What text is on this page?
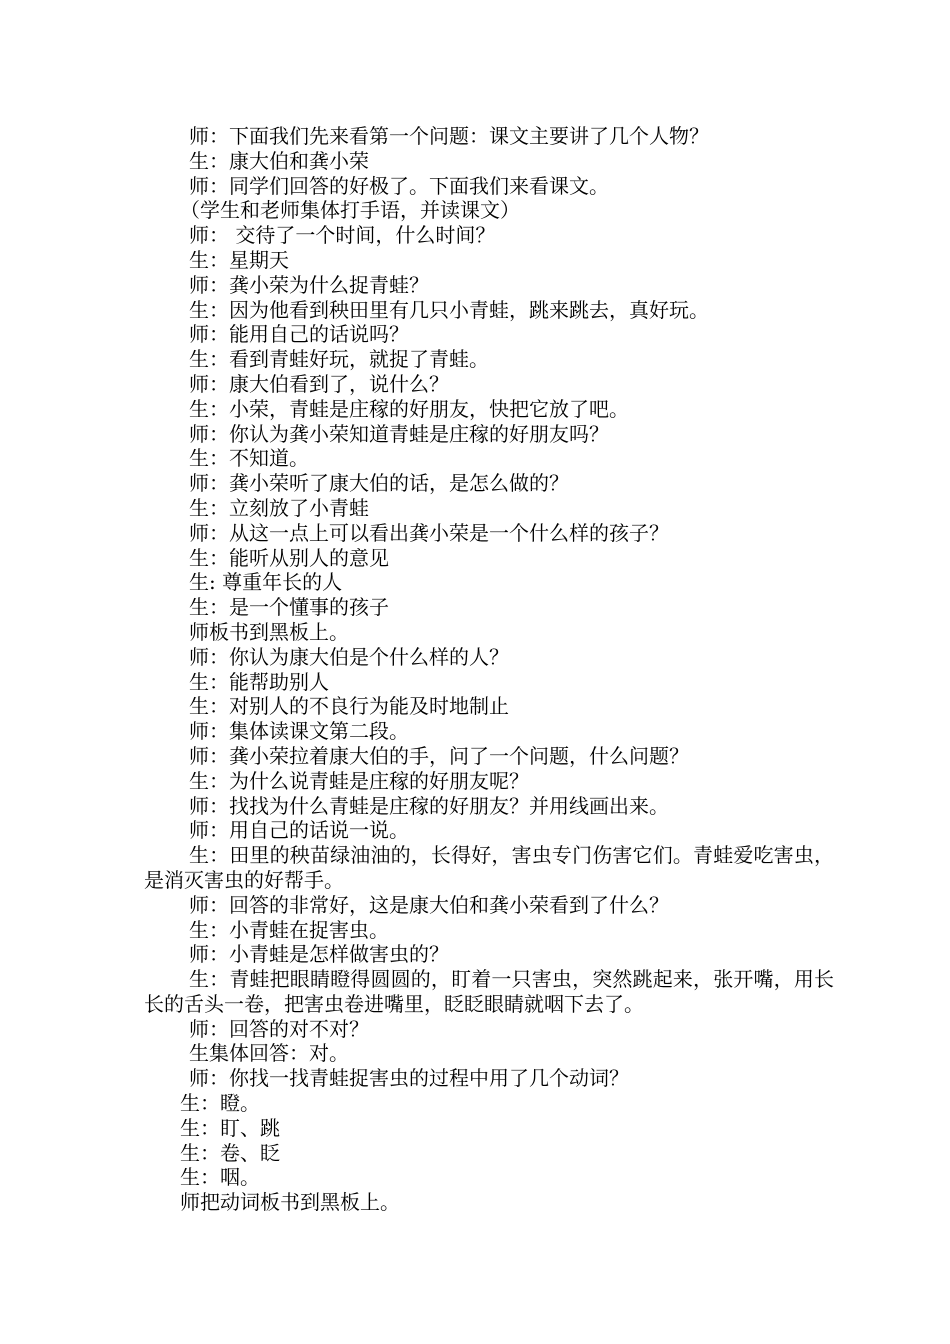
师：下面我们先来看第一个问题：课文主要讲了几个人物？
生：康大伯和龚小荣
师：同学们回答的好极了。下面我们来看课文。
（学生和老师集体打手语，并读课文）
师： 交待了一个时间，什么时间？
生：星期天
师：龚小荣为什么捉青蛙？
生：因为他看到秧田里有几只小青蛙，跳来跳去，真好玩。
师：能用自己的话说吗？
生：看到青蛙好玩，就捉了青蛙。
师：康大伯看到了，说什么？
生：小荣，青蛙是庄稼的好朋友，快把它放了吧。
师：你认为龚小荣知道青蛙是庄稼的好朋友吗？
生：不知道。
师：龚小荣听了康大伯的话，是怎么做的？
生：立刻放了小青蛙
师：从这一点上可以看出龚小荣是一个什么样的孩子？
生：能听从别人的意见
生: 尊重年长的人
生：是一个懂事的孩子
师板书到黑板上。
师：你认为康大伯是个什么样的人？
生：能帮助别人
生：对别人的不良行为能及时地制止
师：集体读课文第二段。
师：龚小荣拉着康大伯的手，问了一个问题，什么问题？
生：为什么说青蛙是庄稼的好朋友呢？
师：找找为什么青蛙是庄稼的好朋友？并用线画出来。
师：用自己的话说一说。
生：田里的秧苗绿油油的，长得好，害虫专门伤害它们。青蛙爱吃害虫，是消灭害虫的好帮手。
师：回答的非常好，这是康大伯和龚小荣看到了什么？
生：小青蛙在捉害虫。
师：小青蛙是怎样做害虫的？
生：青蛙把眼睛瞪得圆圆的，盯着一只害虫，突然跳起来，张开嘴，用长长的舌头一卷，把害虫卷进嘴里，眨眨眼睛就咽下去了。
师：回答的对不对？
生集体回答：对。
师：你找一找青蛙捉害虫的过程中用了几个动词？
生：瞪。
生：盯、跳
生：卷、眨
生：咽。
师把动词板书到黑板上。
